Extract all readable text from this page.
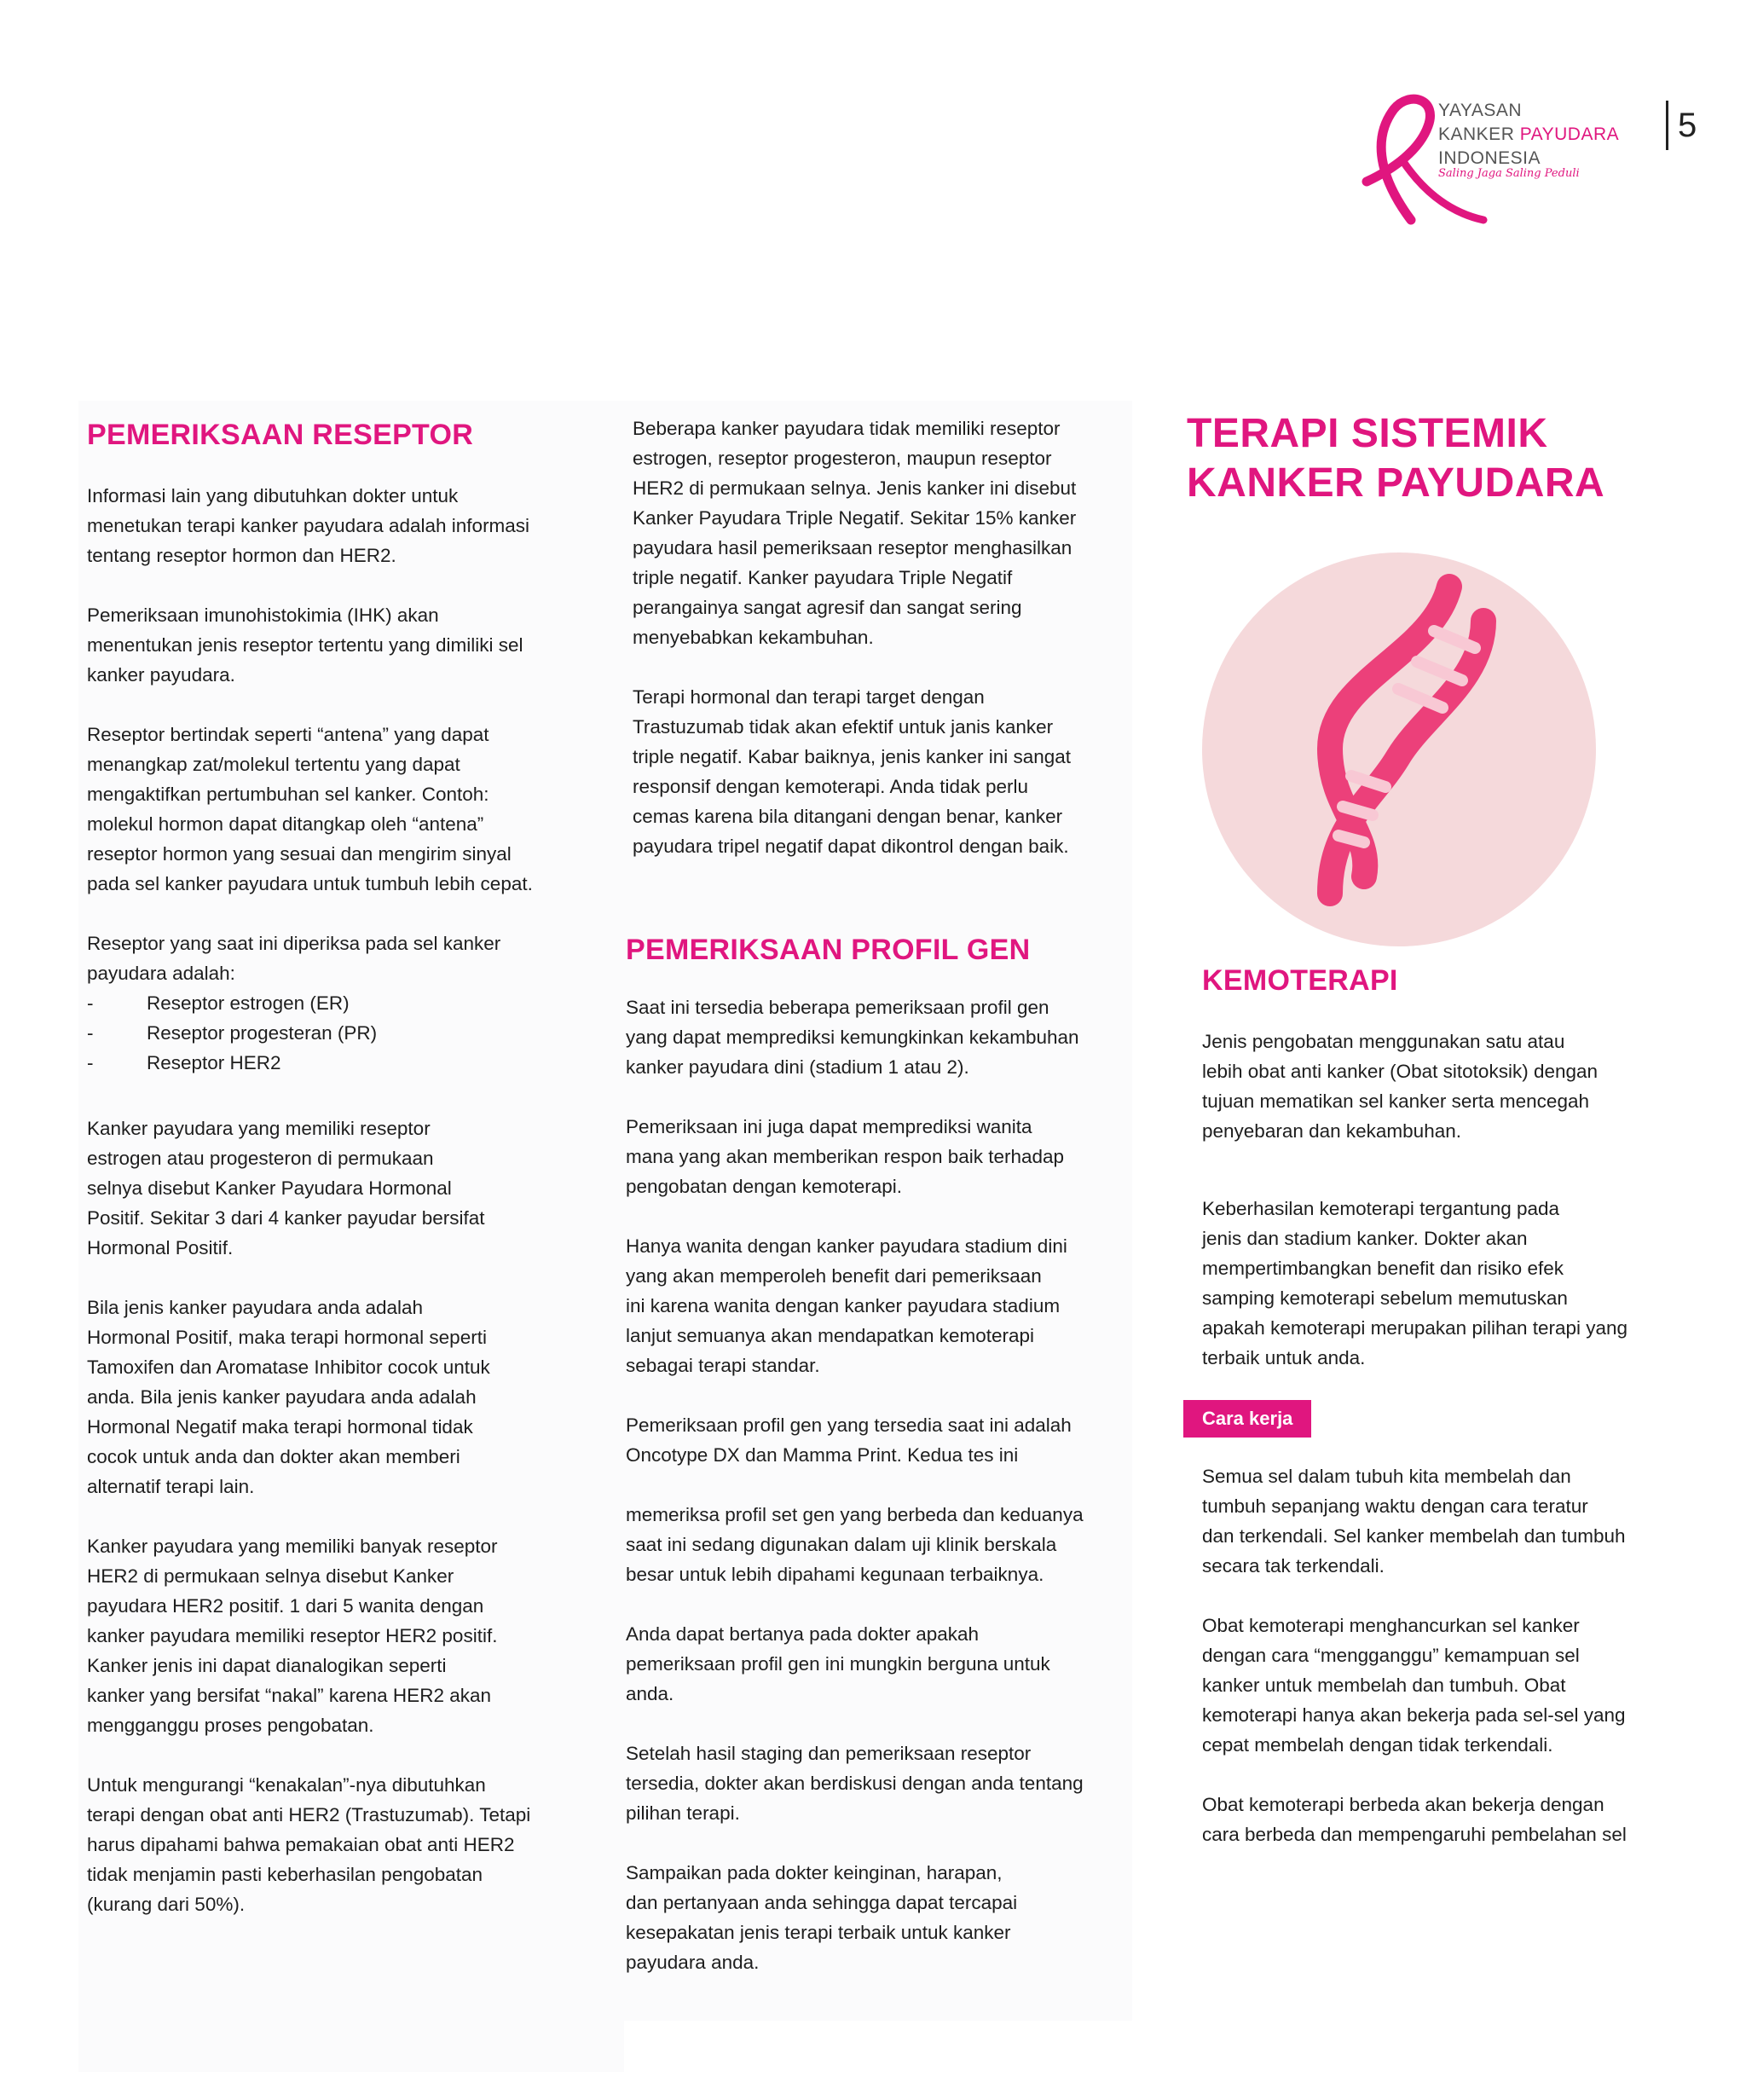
YAYASAN
KANKER PAYUDARA
INDONESIA
Saling Jaga Saling Peduli
5
PEMERIKSAAN RESEPTOR

Informasi lain yang dibutuhkan dokter untuk
menetukan terapi kanker payudara adalah informasi
tentang reseptor hormon dan HER2.

Pemeriksaan imunohistokimia (IHK) akan
menentukan jenis reseptor tertentu yang dimiliki sel
kanker payudara.

Reseptor bertindak seperti “antena” yang dapat
menangkap zat/molekul tertentu yang dapat
mengaktifkan pertumbuhan sel kanker. Contoh:
molekul hormon dapat ditangkap oleh “antena”
reseptor hormon yang sesuai dan mengirim sinyal
pada sel kanker payudara untuk tumbuh lebih cepat.

Reseptor yang saat ini diperiksa pada sel kanker
payudara adalah:

-	Reseptor estrogen (ER)
-	Reseptor progesteran (PR)
-	Reseptor HER2

Kanker payudara yang memiliki reseptor
estrogen atau progesteron di permukaan
selnya disebut Kanker Payudara Hormonal
Positif. Sekitar 3 dari 4 kanker payudar bersifat
Hormonal Positif.

Bila jenis kanker payudara anda adalah
Hormonal Positif, maka terapi hormonal seperti
Tamoxifen dan Aromatase Inhibitor cocok untuk
anda. Bila jenis kanker payudara anda adalah
Hormonal Negatif maka terapi hormonal tidak
cocok untuk anda dan dokter akan memberi
alternatif terapi lain.

Kanker payudara yang memiliki banyak reseptor
HER2 di permukaan selnya disebut Kanker
payudara HER2 positif. 1 dari 5 wanita dengan
kanker payudara memiliki reseptor HER2 positif.
Kanker jenis ini dapat dianalogikan seperti
kanker yang bersifat “nakal” karena HER2 akan
mengganggu proses pengobatan.

Untuk mengurangi “kenakalan”-nya dibutuhkan
terapi dengan obat anti HER2 (Trastuzumab). Tetapi
harus dipahami bahwa pemakaian obat anti HER2
tidak menjamin pasti keberhasilan pengobatan
(kurang dari 50%).

Beberapa kanker payudara tidak memiliki reseptor
estrogen, reseptor progesteron, maupun reseptor
HER2 di permukaan selnya. Jenis kanker ini disebut
Kanker Payudara Triple Negatif. Sekitar 15% kanker
payudara hasil pemeriksaan reseptor menghasilkan
triple negatif. Kanker payudara Triple Negatif
perangainya sangat agresif dan sangat sering
menyebabkan kekambuhan.

Terapi hormonal dan terapi target dengan
Trastuzumab tidak akan efektif untuk janis kanker
triple negatif. Kabar baiknya, jenis kanker ini sangat
responsif dengan kemoterapi. Anda tidak perlu
cemas karena bila ditangani dengan benar, kanker
payudara tripel negatif dapat dikontrol dengan baik.

PEMERIKSAAN PROFIL GEN

Saat ini tersedia beberapa pemeriksaan profil gen
yang dapat memprediksi kemungkinkan kekambuhan
kanker payudara dini (stadium 1 atau 2).

Pemeriksaan ini juga dapat memprediksi wanita
mana yang akan memberikan respon baik terhadap
pengobatan dengan kemoterapi.

Hanya wanita dengan kanker payudara stadium dini
yang akan memperoleh benefit dari pemeriksaan
ini karena wanita dengan kanker payudara stadium
lanjut semuanya akan mendapatkan kemoterapi
sebagai terapi standar.

Pemeriksaan profil gen yang tersedia saat ini adalah
Oncotype DX dan Mamma Print. Kedua tes ini

memeriksa profil set gen yang berbeda dan keduanya
saat ini sedang digunakan dalam uji klinik berskala
besar untuk lebih dipahami kegunaan terbaiknya.

Anda dapat bertanya pada dokter apakah
pemeriksaan profil gen ini mungkin berguna untuk
anda.

Setelah hasil staging dan pemeriksaan reseptor
tersedia, dokter akan berdiskusi dengan anda tentang
pilihan terapi.

Sampaikan pada dokter keinginan, harapan,
dan pertanyaan anda sehingga dapat tercapai
kesepakatan jenis terapi terbaik untuk kanker
payudara anda.

TERAPI SISTEMIK
KANKER PAYUDARA
KEMOTERAPI

Jenis pengobatan menggunakan satu atau
lebih obat anti kanker (Obat sitotoksik) dengan
tujuan mematikan sel kanker serta mencegah
penyebaran dan kekambuhan.

Keberhasilan kemoterapi tergantung pada
jenis dan stadium kanker. Dokter akan
mempertimbangkan benefit dan risiko efek
samping kemoterapi sebelum memutuskan
apakah kemoterapi merupakan pilihan terapi yang
terbaik untuk anda.

Cara kerja

Semua sel dalam tubuh kita membelah dan
tumbuh sepanjang waktu dengan cara teratur
dan terkendali. Sel kanker membelah dan tumbuh
secara tak terkendali.

Obat kemoterapi menghancurkan sel kanker
dengan cara “mengganggu” kemampuan sel
kanker untuk membelah dan tumbuh. Obat
kemoterapi hanya akan bekerja pada sel-sel yang
cepat membelah dengan tidak terkendali.

Obat kemoterapi berbeda akan bekerja dengan
cara berbeda dan mempengaruhi pembelahan sel
